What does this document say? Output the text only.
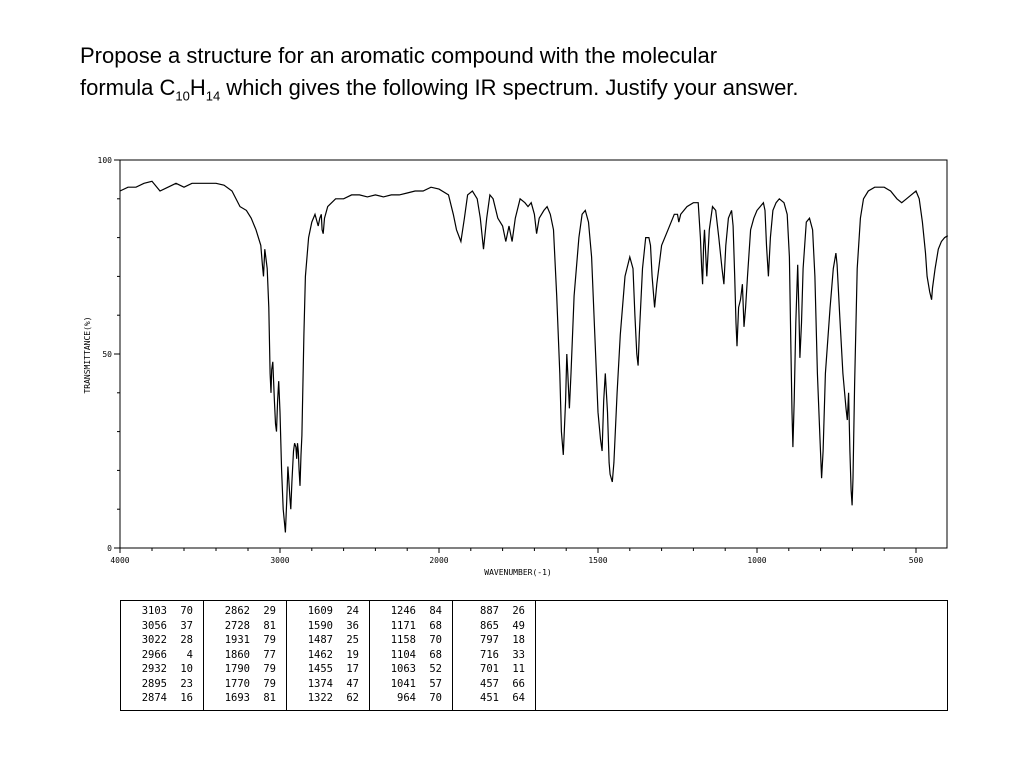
Propose a structure for an aromatic compound with the molecular
formula $C_{10}H_{14}$ which gives the following IR spectrum. Justify your answer.
4000	3000	2000	1500	1000	500
0
50
100
WAVENUMBER(-1)
TRANSMITTANCE(%)
3103	70
3056	37
3022	28
2966	4
2932	10
2895	23
2874	16
2862	29
2728	81
1931	79
1860	77
1790	79
1770	79
1693	81
1609	24
1590	36
1487	25
1462	19
1455	17
1374	47
1322	62
1246	84
1171	68
1158	70
1104	68
1063	52
1041	57
964	70
887	26
865	49
797	18
716	33
701	11
457	66
451	64
